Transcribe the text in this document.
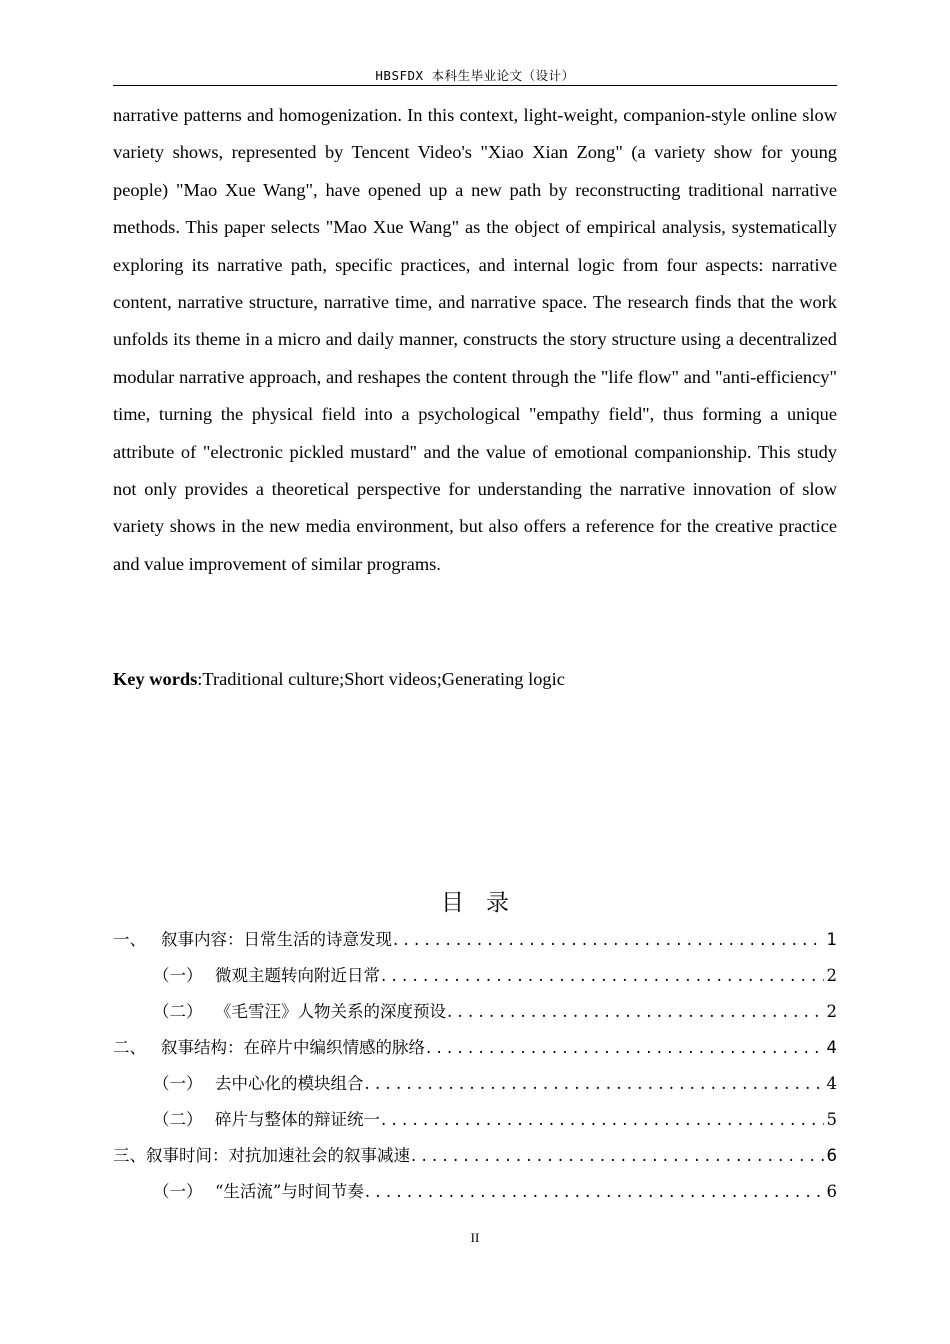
HBSFDX 本科生毕业论文（设计）

narrative patterns and homogenization. In this context, light-weight, companion-style online slow variety shows, represented by Tencent Video's "Xiao Xian Zong" (a variety show for young people) "Mao Xue Wang", have opened up a new path by reconstructing traditional narrative methods. This paper selects "Mao Xue Wang" as the object of empirical analysis, systematically exploring its narrative path, specific practices, and internal logic from four aspects: narrative content, narrative structure, narrative time, and narrative space. The research finds that the work unfolds its theme in a micro and daily manner, constructs the story structure using a decentralized modular narrative approach, and reshapes the content through the "life flow" and "anti-efficiency" time, turning the physical field into a psychological "empathy field", thus forming a unique attribute of "electronic pickled mustard" and the value of emotional companionship. This study not only provides a theoretical perspective for understanding the narrative innovation of slow variety shows in the new media environment, but also offers a reference for the creative practice and value improvement of similar programs.

Key words:Traditional culture;Short videos;Generating logic
目录
一、 叙事内容：日常生活的诗意发现 . . .	1
（一） 微观主题转向附近日常 . . .	2
（二） 《毛雪汪》人物关系的深度预设 . . .	2
二、 叙事结构：在碎片中编织情感的脉络 . . .	4
（一） 去中心化的模块组合 . . .	4
（二） 碎片与整体的辩证统一 . . .	5
三、 叙事时间：对抗加速社会的叙事减速 . . .	6
（一） “生活流”与时间节奏 . . .	6
II
